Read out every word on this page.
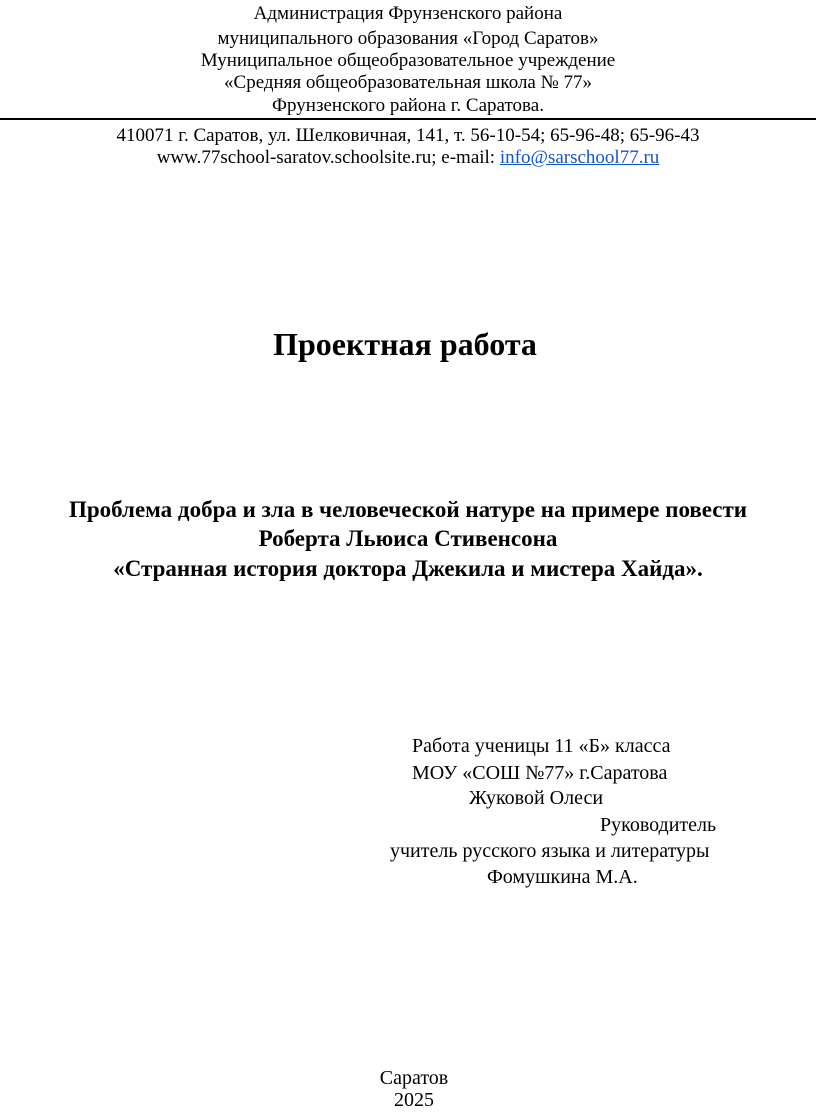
Администрация Фрунзенского района
муниципального образования «Город Саратов»
Муниципальное общеобразовательное учреждение
«Средняя общеобразовательная школа № 77»
Фрунзенского района г. Саратова.
410071 г. Саратов, ул. Шелковичная, 141, т. 56-10-54; 65-96-48; 65-96-43
www.77school-saratov.schoolsite.ru; e-mail: info@sarschool77.ru
Проектная работа
Проблема добра и зла в человеческой натуре на примере повести
Роберта Льюиса Стивенсона
«Странная история доктора Джекила и мистера Хайда».
Работа ученицы 11 «Б» класса
МОУ «СОШ №77» г.Саратова
Жуковой Олеси
Руководитель
учитель русского языка и литературы
Фомушкина М.А.
Саратов
2025
